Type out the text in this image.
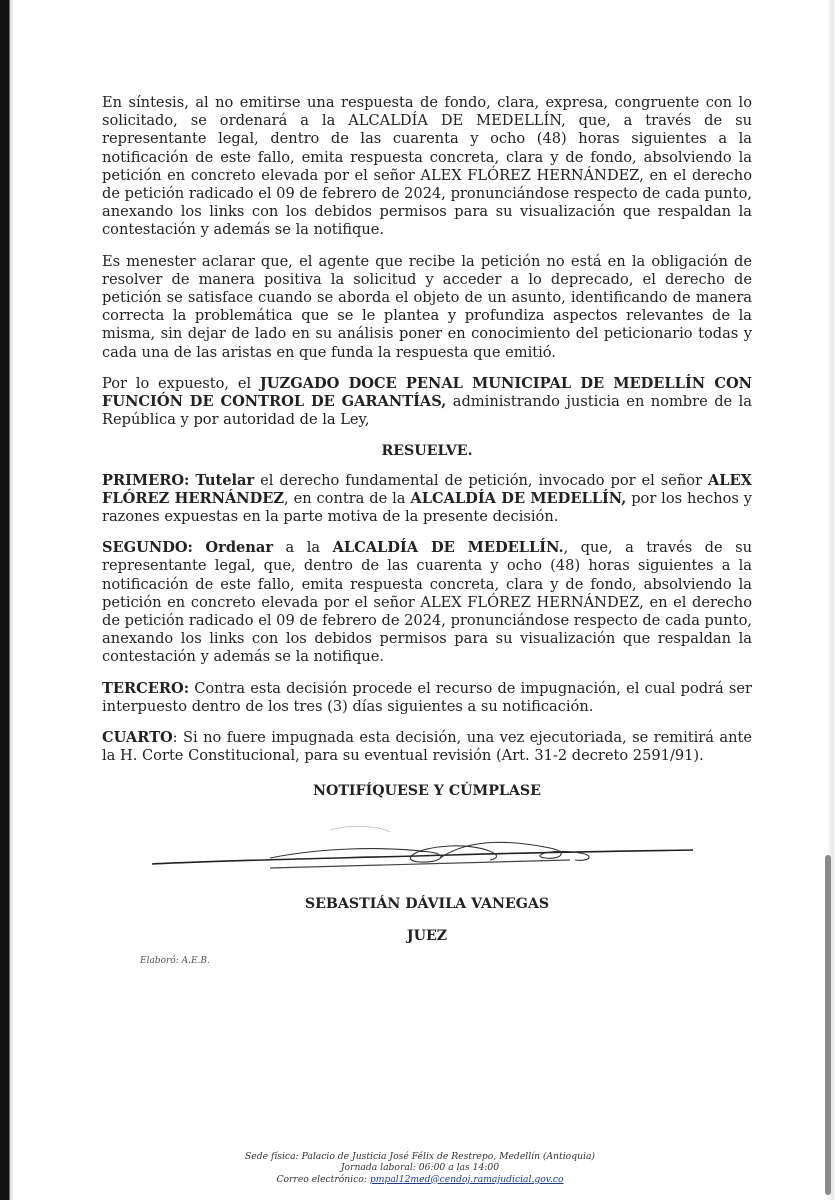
En síntesis, al no emitirse una respuesta de fondo, clara, expresa, congruente con lo solicitado, se ordenará a la ALCALDÍA DE MEDELLÍN, que, a través de su representante legal, dentro de las cuarenta y ocho (48) horas siguientes a la notificación de este fallo, emita respuesta concreta, clara y de fondo, absolviendo la petición en concreto elevada por el señor ALEX FLÓREZ HERNÁNDEZ, en el derecho de petición radicado el 09 de febrero de 2024, pronunciándose respecto de cada punto, anexando los links con los debidos permisos para su visualización que respaldan la contestación y además se la notifique.

Es menester aclarar que, el agente que recibe la petición no está en la obligación de resolver de manera positiva la solicitud y acceder a lo deprecado, el derecho de petición se satisface cuando se aborda el objeto de un asunto, identificando de manera correcta la problemática que se le plantea y profundiza aspectos relevantes de la misma, sin dejar de lado en su análisis poner en conocimiento del peticionario todas y cada una de las aristas en que funda la respuesta que emitió.

Por lo expuesto, el JUZGADO DOCE PENAL MUNICIPAL DE MEDELLÍN CON FUNCIÓN DE CONTROL DE GARANTÍAS, administrando justicia en nombre de la República y por autoridad de la Ley,

RESUELVE.

PRIMERO: Tutelar el derecho fundamental de petición, invocado por el señor ALEX FLÓREZ HERNÁNDEZ, en contra de la ALCALDÍA DE MEDELLÍN, por los hechos y razones expuestas en la parte motiva de la presente decisión.

SEGUNDO: Ordenar a la ALCALDÍA DE MEDELLÍN., que, a través de su representante legal, que, dentro de las cuarenta y ocho (48) horas siguientes a la notificación de este fallo, emita respuesta concreta, clara y de fondo, absolviendo la petición en concreto elevada por el señor ALEX FLÓREZ HERNÁNDEZ, en el derecho de petición radicado el 09 de febrero de 2024, pronunciándose respecto de cada punto, anexando los links con los debidos permisos para su visualización que respaldan la contestación y además se la notifique.

TERCERO: Contra esta decisión procede el recurso de impugnación, el cual podrá ser interpuesto dentro de los tres (3) días siguientes a su notificación.

CUARTO: Si no fuere impugnada esta decisión, una vez ejecutoriada, se remitirá ante la H. Corte Constitucional, para su eventual revisión (Art. 31-2 decreto 2591/91).

NOTIFÍQUESE Y CÚMPLASE
SEBASTIÁN DÁVILA VANEGAS
JUEZ
Elaboró: A.E.B.
Sede física: Palacio de Justicia José Félix de Restrepo, Medellín (Antioquia)
Jornada laboral: 06:00 a las 14:00
Correo electrónico: pmpal12med@cendoj.ramajudicial.gov.co
